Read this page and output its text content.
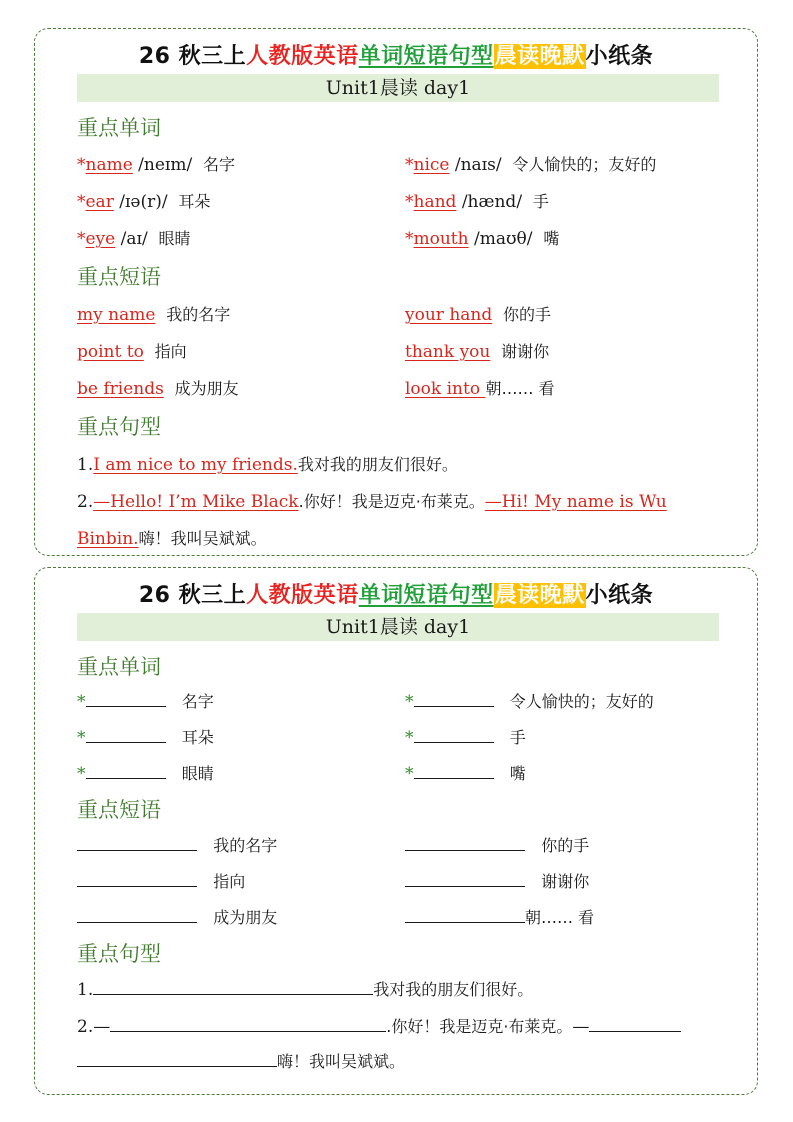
26 秋三上人教版英语单词短语句型晨读晚默小纸条
Unit1晨读 day1
重点单词
*name /neɪm/ 名字	*nice /naɪs/ 令人愉快的；友好的
*ear /ɪə(r)/ 耳朵	*hand /hænd/ 手
*eye /aɪ/ 眼睛	*mouth /maʊθ/ 嘴
重点短语
my name 我的名字	your hand 你的手
point to 指向	thank you 谢谢你
be friends 成为朋友	look into 朝…… 看
重点句型
1.I am nice to my friends.我对我的朋友们很好。
2.—Hello! I’m Mike Black.你好！我是迈克·布莱克。—Hi! My name is Wu
Binbin.嗨！我叫吴斌斌。
26 秋三上人教版英语单词短语句型晨读晚默小纸条
Unit1晨读 day1
重点单词
*	名字	*	令人愉快的；友好的
*	耳朵	*	手
*	眼睛	*	嘴
重点短语
我的名字	你的手
指向	谢谢你
成为朋友	朝…… 看
重点句型
1.	我对我的朋友们很好。
2.—	.你好！我是迈克·布莱克。—
嗨！我叫吴斌斌。
